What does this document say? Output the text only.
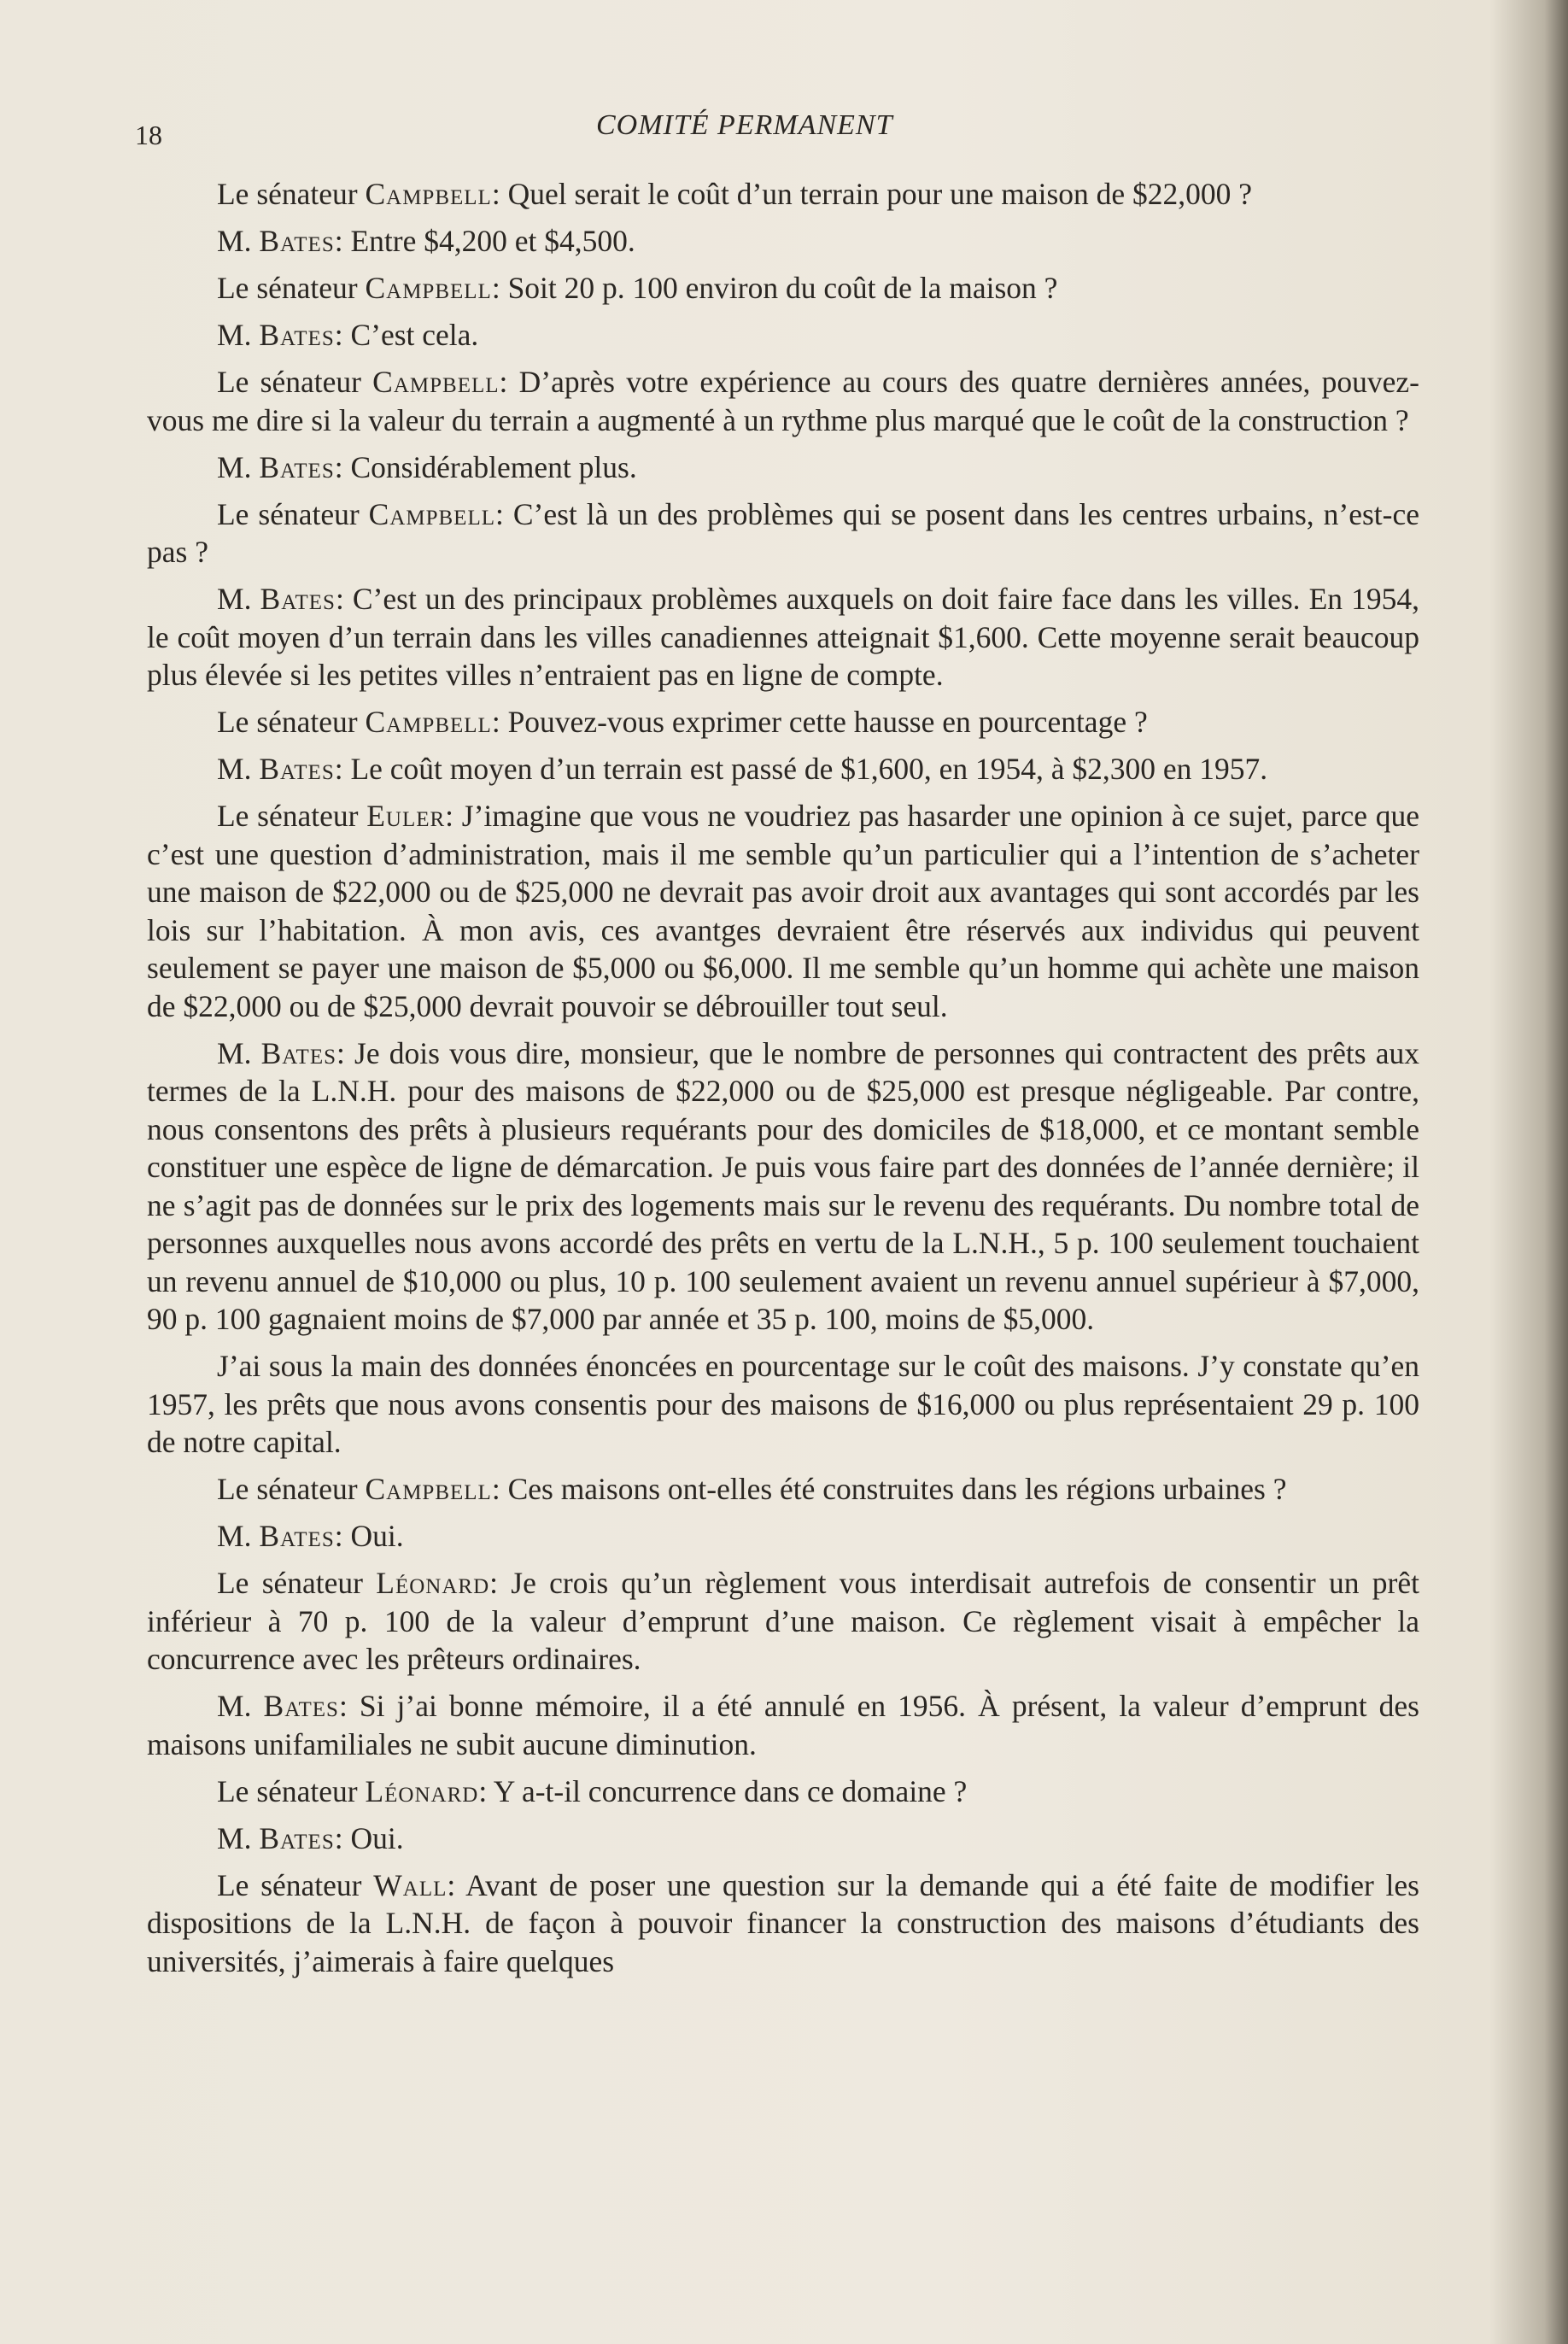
18	COMITÉ PERMANENT

Le sénateur Campbell: Quel serait le coût d’un terrain pour une maison de $22,000 ?

M. Bates: Entre $4,200 et $4,500.

Le sénateur Campbell: Soit 20 p. 100 environ du coût de la maison ?

M. Bates: C’est cela.

Le sénateur Campbell: D’après votre expérience au cours des quatre dernières années, pouvez-vous me dire si la valeur du terrain a augmenté à un rythme plus marqué que le coût de la construction ?

M. Bates: Considérablement plus.

Le sénateur Campbell: C’est là un des problèmes qui se posent dans les centres urbains, n’est-ce pas ?

M. Bates: C’est un des principaux problèmes auxquels on doit faire face dans les villes. En 1954, le coût moyen d’un terrain dans les villes canadiennes atteignait $1,600. Cette moyenne serait beaucoup plus élevée si les petites villes n’entraient pas en ligne de compte.

Le sénateur Campbell: Pouvez-vous exprimer cette hausse en pourcentage ?

M. Bates: Le coût moyen d’un terrain est passé de $1,600, en 1954, à $2,300 en 1957.

Le sénateur Euler: J’imagine que vous ne voudriez pas hasarder une opinion à ce sujet, parce que c’est une question d’administration, mais il me semble qu’un particulier qui a l’intention de s’acheter une maison de $22,000 ou de $25,000 ne devrait pas avoir droit aux avantages qui sont accordés par les lois sur l’habitation. À mon avis, ces avantges devraient être réservés aux individus qui peuvent seulement se payer une maison de $5,000 ou $6,000. Il me semble qu’un homme qui achète une maison de $22,000 ou de $25,000 devrait pouvoir se débrouiller tout seul.

M. Bates: Je dois vous dire, monsieur, que le nombre de personnes qui contractent des prêts aux termes de la L.N.H. pour des maisons de $22,000 ou de $25,000 est presque négligeable. Par contre, nous consentons des prêts à plusieurs requérants pour des domiciles de $18,000, et ce montant semble constituer une espèce de ligne de démarcation. Je puis vous faire part des données de l’année dernière; il ne s’agit pas de données sur le prix des logements mais sur le revenu des requérants. Du nombre total de personnes auxquelles nous avons accordé des prêts en vertu de la L.N.H., 5 p. 100 seulement touchaient un revenu annuel de $10,000 ou plus, 10 p. 100 seulement avaient un revenu annuel supérieur à $7,000, 90 p. 100 gagnaient moins de $7,000 par année et 35 p. 100, moins de $5,000.

J’ai sous la main des données énoncées en pourcentage sur le coût des maisons. J’y constate qu’en 1957, les prêts que nous avons consentis pour des maisons de $16,000 ou plus représentaient 29 p. 100 de notre capital.

Le sénateur Campbell: Ces maisons ont-elles été construites dans les régions urbaines ?

M. Bates: Oui.

Le sénateur Léonard: Je crois qu’un règlement vous interdisait autrefois de consentir un prêt inférieur à 70 p. 100 de la valeur d’emprunt d’une maison. Ce règlement visait à empêcher la concurrence avec les prêteurs ordinaires.

M. Bates: Si j’ai bonne mémoire, il a été annulé en 1956. À présent, la valeur d’emprunt des maisons unifamiliales ne subit aucune diminution.

Le sénateur Léonard: Y a-t-il concurrence dans ce domaine ?

M. Bates: Oui.

Le sénateur Wall: Avant de poser une question sur la demande qui a été faite de modifier les dispositions de la L.N.H. de façon à pouvoir financer la construction des maisons d’étudiants des universités, j’aimerais à faire quelques
